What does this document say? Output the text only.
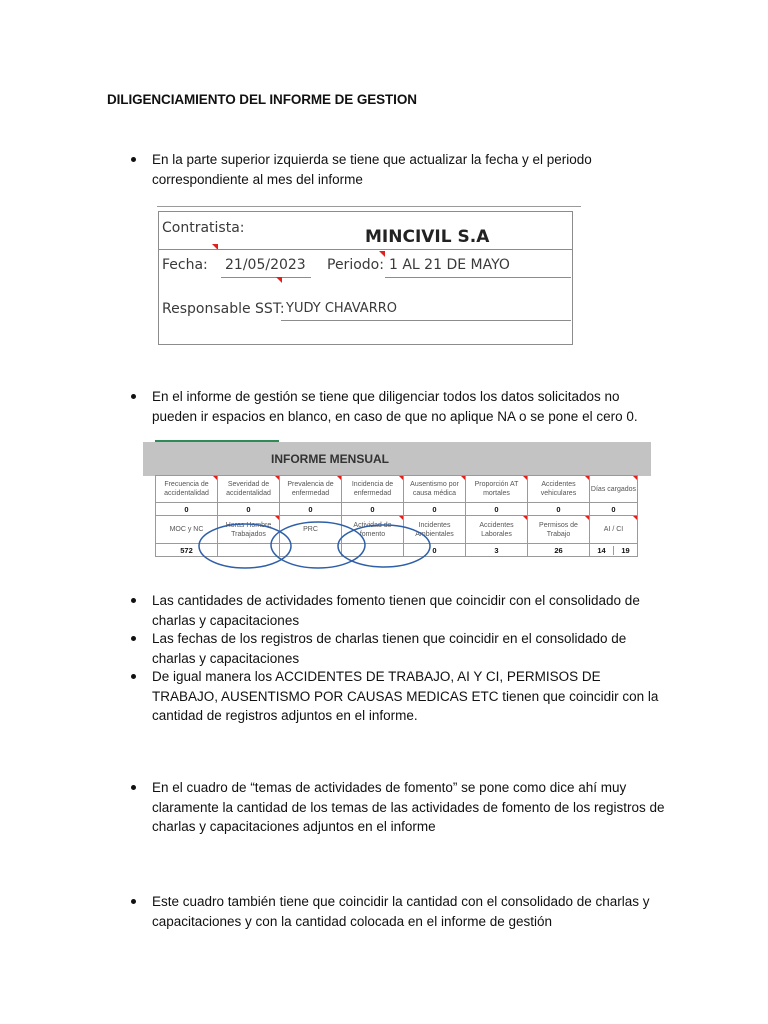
DILIGENCIAMIENTO DEL INFORME DE GESTION
En la parte superior izquierda se tiene que actualizar la fecha y el periodo correspondiente al mes del informe
Contratista:	MINCIVIL S.A
Fecha: 21/05/2023 Periodo: 1 AL 21 DE MAYO
Responsable SST: YUDY CHAVARRO
En el informe de gestión se tiene que diligenciar todos los datos solicitados no pueden ir espacios en blanco, en caso de que no aplique NA o se pone el cero 0.
INFORME MENSUAL
Frecuencia de accidentalidad	Severidad de accidentalidad	Prevalencia de enfermedad	Incidencia de enfermedad	Ausentismo por causa médica	Proporción AT mortales	Accidentes vehiculares	Días cargados

0	0	0	0	0	0	0	0
MOC y NC	Horas Hombre Trabajados	PRC	Actividad de fomento	Incidentes Ambientales	Accidentes Laborales	Permisos de Trabajo	AI / CI

572				0	3	26	14 19
Las cantidades de actividades fomento tienen que coincidir con el consolidado de charlas y capacitaciones
Las fechas de los registros de charlas tienen que coincidir en el consolidado de charlas y capacitaciones
De igual manera los ACCIDENTES DE TRABAJO, AI Y CI, PERMISOS DE TRABAJO, AUSENTISMO POR CAUSAS MEDICAS ETC tienen que coincidir con la cantidad de registros adjuntos en el informe.
En el cuadro de “temas de actividades de fomento” se pone como dice ahí muy claramente la cantidad de los temas de las actividades de fomento de los registros de charlas y capacitaciones adjuntos en el informe
Este cuadro también tiene que coincidir la cantidad con el consolidado de charlas y capacitaciones y con la cantidad colocada en el informe de gestión
